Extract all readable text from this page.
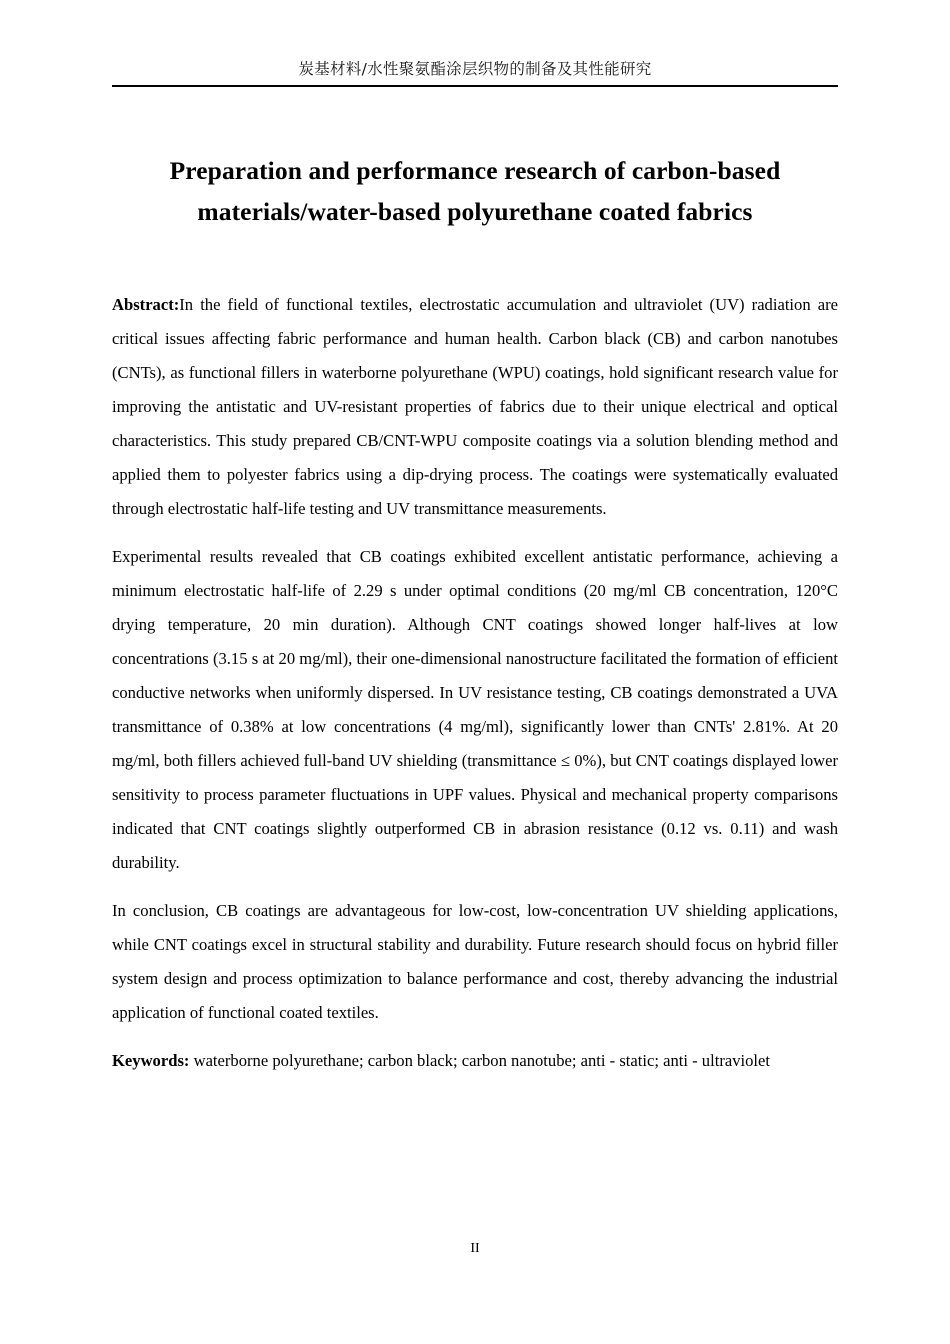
炭基材料/水性聚氨酯涂层织物的制备及其性能研究
Preparation and performance research of carbon-based materials/water-based polyurethane coated fabrics

Abstract:In the field of functional textiles, electrostatic accumulation and ultraviolet (UV) radiation are critical issues affecting fabric performance and human health. Carbon black (CB) and carbon nanotubes (CNTs), as functional fillers in waterborne polyurethane (WPU) coatings, hold significant research value for improving the antistatic and UV-resistant properties of fabrics due to their unique electrical and optical characteristics. This study prepared CB/CNT-WPU composite coatings via a solution blending method and applied them to polyester fabrics using a dip-drying process. The coatings were systematically evaluated through electrostatic half-life testing and UV transmittance measurements.

Experimental results revealed that CB coatings exhibited excellent antistatic performance, achieving a minimum electrostatic half-life of 2.29 s under optimal conditions (20 mg/ml CB concentration, 120°C drying temperature, 20 min duration). Although CNT coatings showed longer half-lives at low concentrations (3.15 s at 20 mg/ml), their one-dimensional nanostructure facilitated the formation of efficient conductive networks when uniformly dispersed. In UV resistance testing, CB coatings demonstrated a UVA transmittance of 0.38% at low concentrations (4 mg/ml), significantly lower than CNTs' 2.81%. At 20 mg/ml, both fillers achieved full-band UV shielding (transmittance ≤ 0%), but CNT coatings displayed lower sensitivity to process parameter fluctuations in UPF values. Physical and mechanical property comparisons indicated that CNT coatings slightly outperformed CB in abrasion resistance (0.12 vs. 0.11) and wash durability.

In conclusion, CB coatings are advantageous for low-cost, low-concentration UV shielding applications, while CNT coatings excel in structural stability and durability. Future research should focus on hybrid filler system design and process optimization to balance performance and cost, thereby advancing the industrial application of functional coated textiles.

Keywords: waterborne polyurethane; carbon black; carbon nanotube; anti - static; anti - ultraviolet

II
